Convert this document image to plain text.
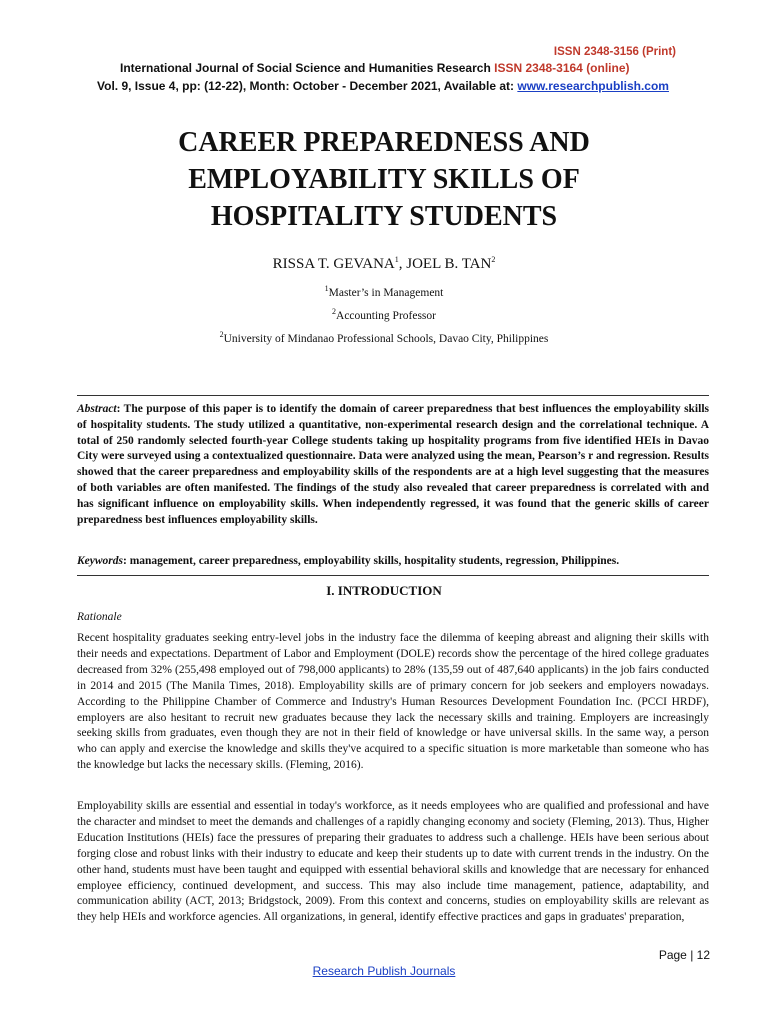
ISSN 2348-3156 (Print)
International Journal of Social Science and Humanities Research ISSN 2348-3164 (online)
Vol. 9, Issue 4, pp: (12-22), Month: October - December 2021, Available at: www.researchpublish.com
CAREER PREPAREDNESS AND
EMPLOYABILITY SKILLS OF
HOSPITALITY STUDENTS
RISSA T. GEVANA$^1$, JOEL B. TAN$^2$
$^1$Master’s in Management
$^2$Accounting Professor
$^2$University of Mindanao Professional Schools, Davao City, Philippines
Abstract: The purpose of this paper is to identify the domain of career preparedness that best influences the employability skills of hospitality students. The study utilized a quantitative, non-experimental research design and the correlational technique. A total of 250 randomly selected fourth-year College students taking up hospitality programs from five identified HEIs in Davao City were surveyed using a contextualized questionnaire. Data were analyzed using the mean, Pearson’s r and regression. Results showed that the career preparedness and employability skills of the respondents are at a high level suggesting that the measures of both variables are often manifested. The findings of the study also revealed that career preparedness is correlated with and has significant influence on employability skills. When independently regressed, it was found that the generic skills of career preparedness best influences employability skills.
Keywords: management, career preparedness, employability skills, hospitality students, regression, Philippines.
I. INTRODUCTION
Rationale
Recent hospitality graduates seeking entry-level jobs in the industry face the dilemma of keeping abreast and aligning their skills with their needs and expectations. Department of Labor and Employment (DOLE) records show the percentage of the hired college graduates decreased from 32% (255,498 employed out of 798,000 applicants) to 28% (135,59 out of 487,640 applicants) in the job fairs conducted in 2014 and 2015 (The Manila Times, 2018). Employability skills are of primary concern for job seekers and employers nowadays. According to the Philippine Chamber of Commerce and Industry's Human Resources Development Foundation Inc. (PCCI HRDF), employers are also hesitant to recruit new graduates because they lack the necessary skills and training. Employers are increasingly seeking skills from graduates, even though they are not in their field of knowledge or have universal skills. In the same way, a person who can apply and exercise the knowledge and skills they've acquired to a specific situation is more marketable than someone who has the knowledge but lacks the necessary skills. (Fleming, 2016).
Employability skills are essential and essential in today's workforce, as it needs employees who are qualified and professional and have the character and mindset to meet the demands and challenges of a rapidly changing economy and society (Fleming, 2013). Thus, Higher Education Institutions (HEIs) face the pressures of preparing their graduates to address such a challenge. HEIs have been serious about forging close and robust links with their industry to educate and keep their students up to date with current trends in the industry. On the other hand, students must have been taught and equipped with essential behavioral skills and knowledge that are necessary for enhanced employee efficiency, continued development, and success. This may also include time management, patience, adaptability, and communication ability (ACT, 2013; Bridgstock, 2009). From this context and concerns, studies on employability skills are relevant as they help HEIs and workforce agencies. All organizations, in general, identify effective practices and gaps in graduates' preparation,
Page | 12
Research Publish Journals
